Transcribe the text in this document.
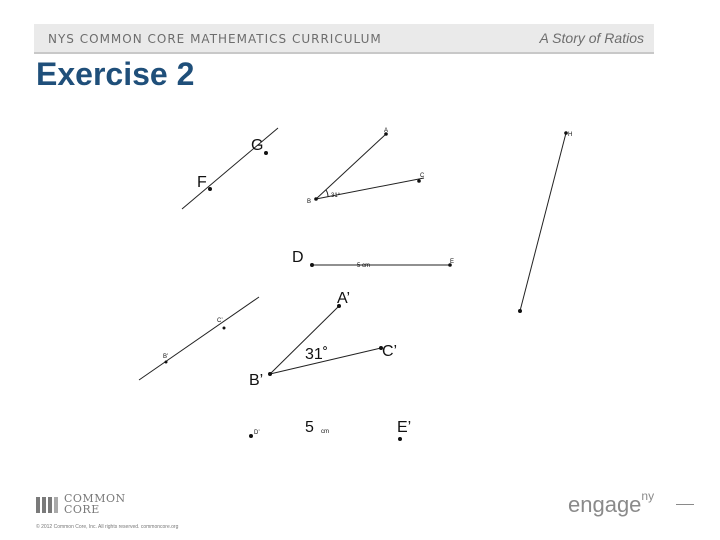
NYS COMMON CORE MATHEMATICS CURRICULUM	A Story of Ratios
Exercise 2
G
F
A
H
C
B
31°
D	5 cm
E
A’
C’
B’	31˚	C’
B’
D’	5 cm	E’
COMMON
CORE
© 2012 Common Core, Inc. All rights reserved. commoncore.org
engage$^{ny}$
